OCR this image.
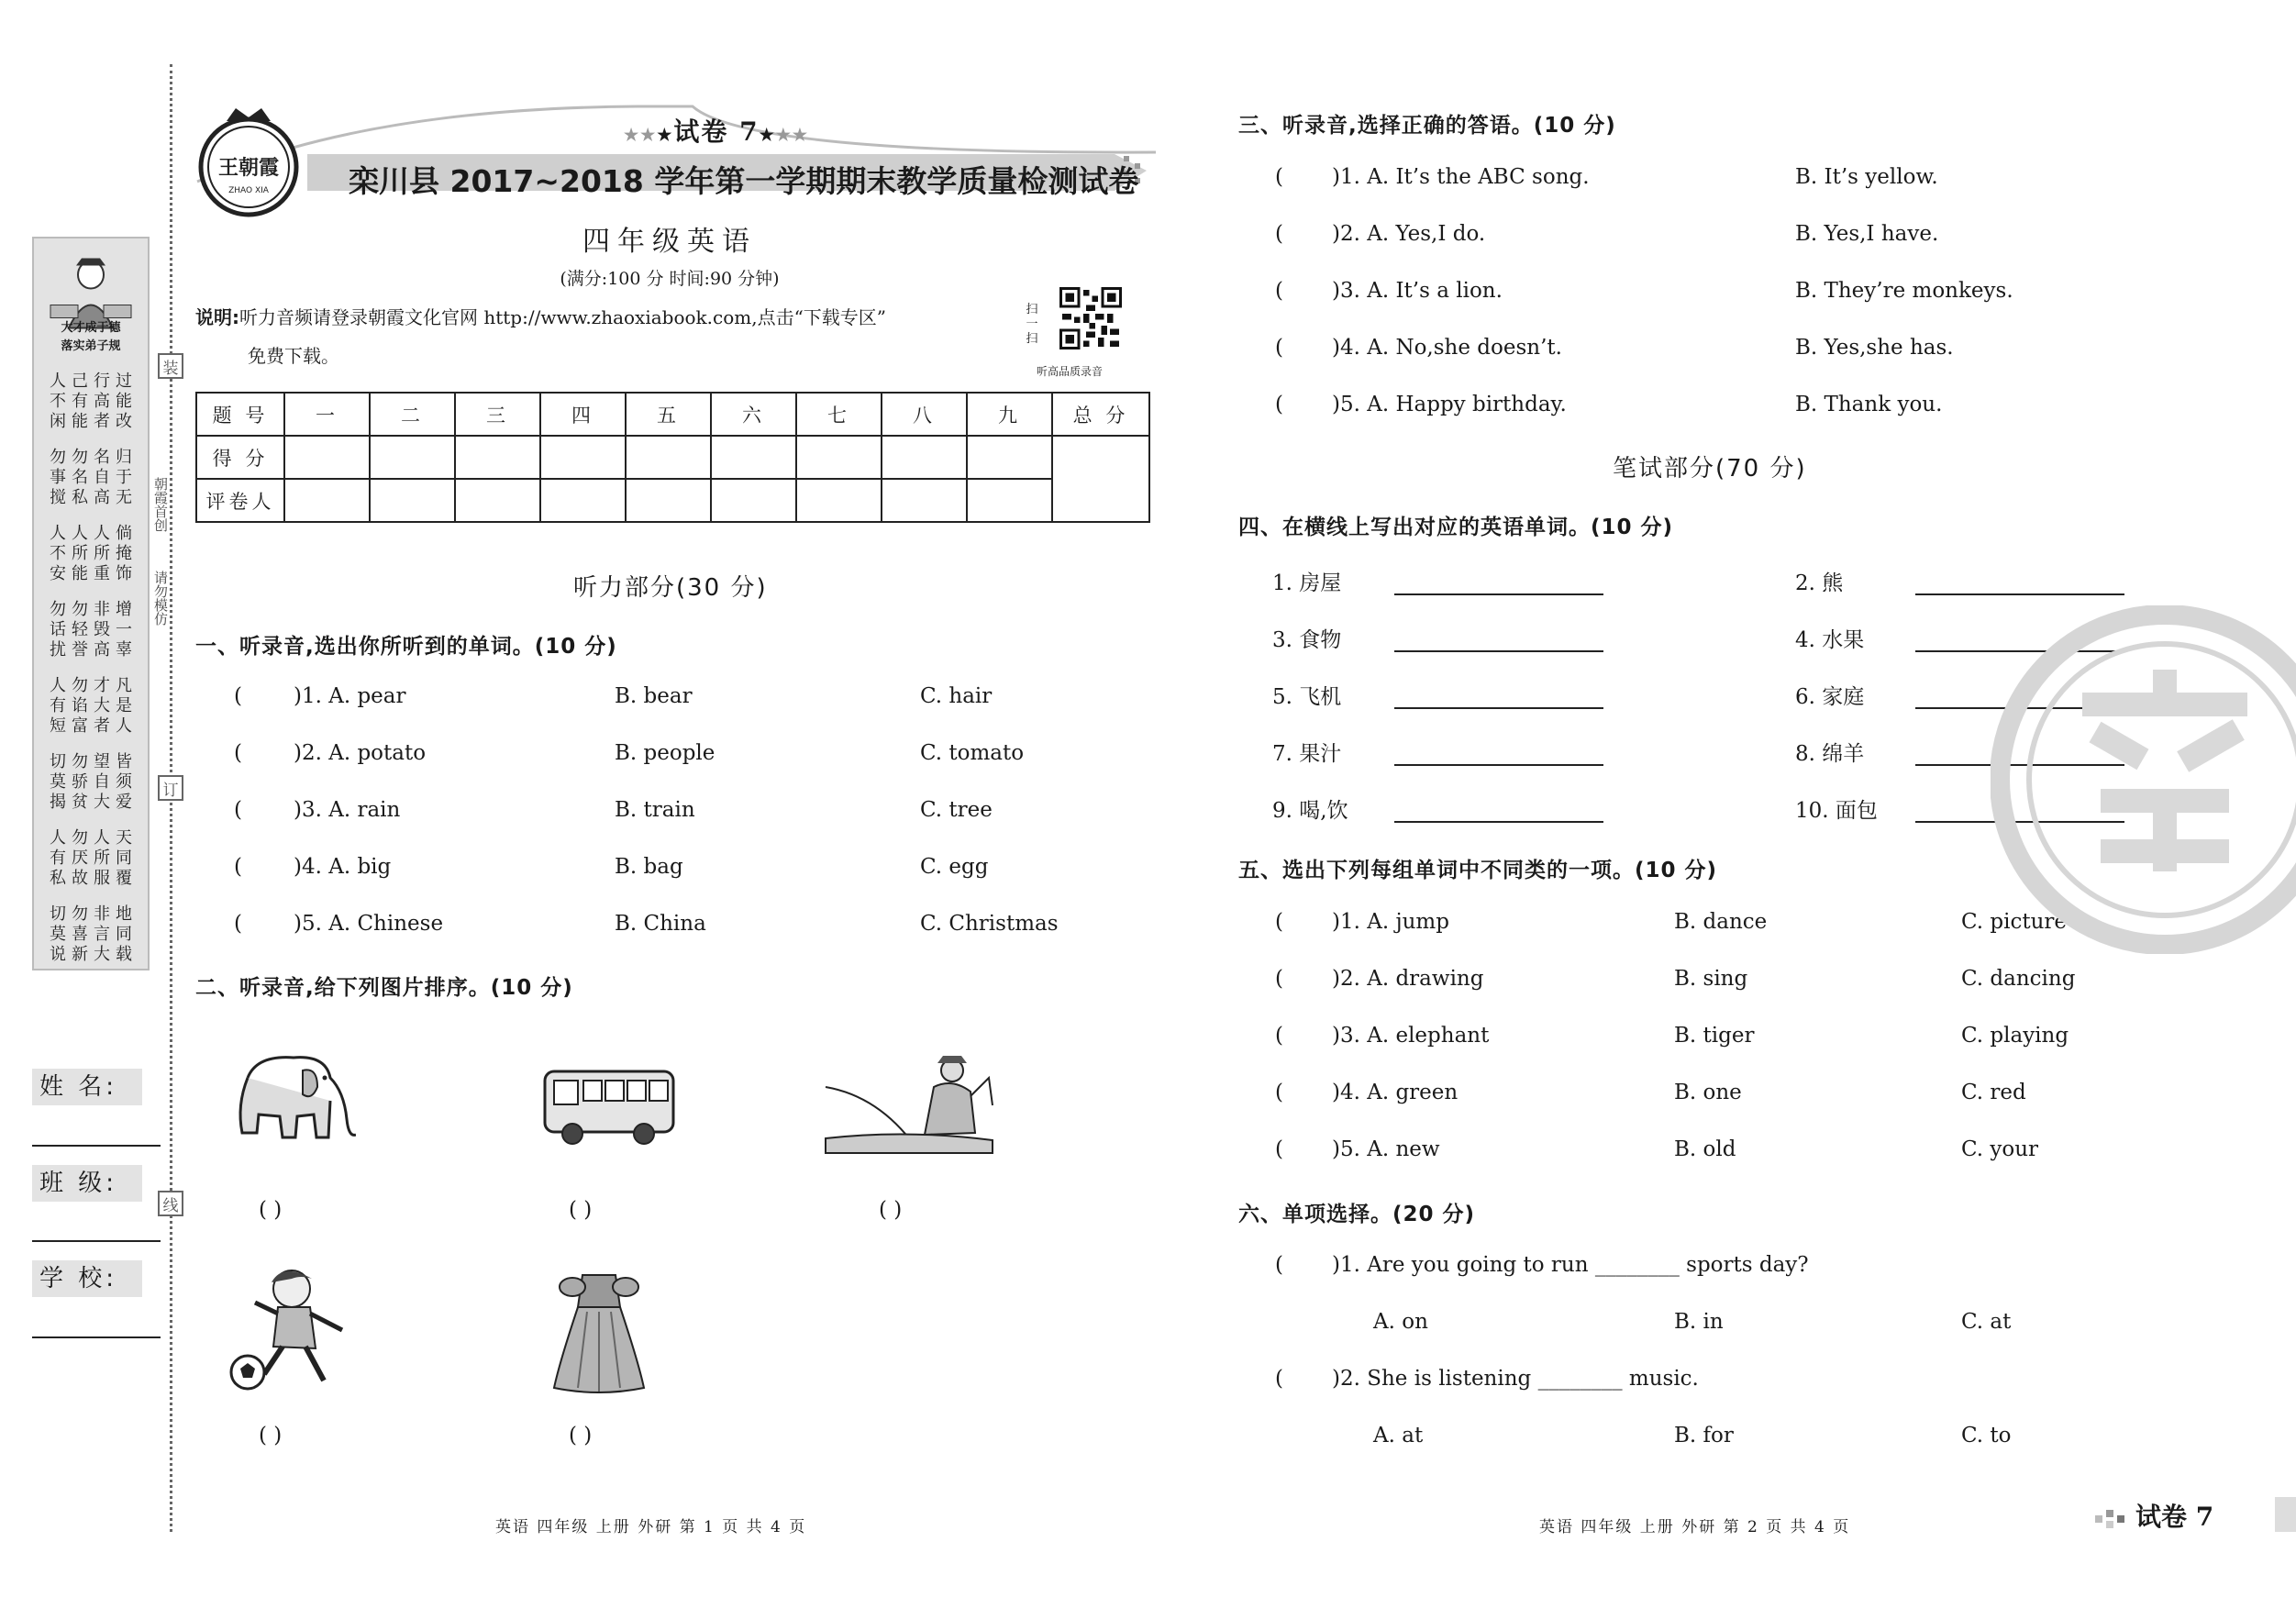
装
订
线
大才成于德
落实弟子规
人
不
闲
己
有
能
行
高
者
过
能
改
勿
事
搅
勿
名
私
名
自
高
归
于
无
人
不
安
人
所
能
人
所
重
倘
掩
饰
勿
话
扰
勿
轻
誉
非
毁
高
增
一
辜
人
有
短
勿
谄
富
才
大
者
凡
是
人
切
莫
揭
勿
骄
贫
望
自
大
皆
须
爱
人
有
私
勿
厌
故
人
所
服
天
同
覆
切
莫
说
勿
喜
新
非
言
大
地
同
载
朝霞首创
请勿模仿
姓 名:
班 级:
学 校:
王朝霞
ZHAO XIA
★★★试卷 7★★★
栾川县 2017~2018 学年第一学期期末教学质量检测试卷
四年级英语
(满分:100 分 时间:90 分钟)
说明:听力音频请登录朝霞文化官网 http://www.zhaoxiabook.com,点击“下载专区”
免费下载。
扫一扫
听高品质录音
题 号	一	二	三	四	五	六	七	八	九	总 分
得 分										
评卷人										
听力部分(30 分)
一、听录音,选出你所听到的单词。(10 分)
( )1. A. pear	B. bear	C. hair
( )2. A. potato	B. people	C. tomato
( )3. A. rain	B. train	C. tree
( )4. A. big	B. bag	C. egg
( )5. A. Chinese	B. China	C. Christmas
二、听录音,给下列图片排序。(10 分)
( )	( )	( )
( )	( )
三、听录音,选择正确的答语。(10 分)
( )1. A. It’s the ABC song.	B. It’s yellow.
( )2. A. Yes,I do.	B. Yes,I have.
( )3. A. It’s a lion.	B. They’re monkeys.
( )4. A. No,she doesn’t.	B. Yes,she has.
( )5. A. Happy birthday.	B. Thank you.
笔试部分(70 分)
四、在横线上写出对应的英语单词。(10 分)
1. 房屋	2. 熊
3. 食物	4. 水果
5. 飞机	6. 家庭
7. 果汁	8. 绵羊
9. 喝,饮	10. 面包
五、选出下列每组单词中不同类的一项。(10 分)
( )1. A. jump	B. dance	C. picture
( )2. A. drawing	B. sing	C. dancing
( )3. A. elephant	B. tiger	C. playing
( )4. A. green	B. one	C. red
( )5. A. new	B. old	C. your
六、单项选择。(20 分)
( )1. Are you going to run ________ sports day?
A. on	B. in	C. at
( )2. She is listening ________ music.
A. at	B. for	C. to
英语 四年级 上册 外研 第 1 页 共 4 页	英语 四年级 上册 外研 第 2 页 共 4 页	试卷 7
